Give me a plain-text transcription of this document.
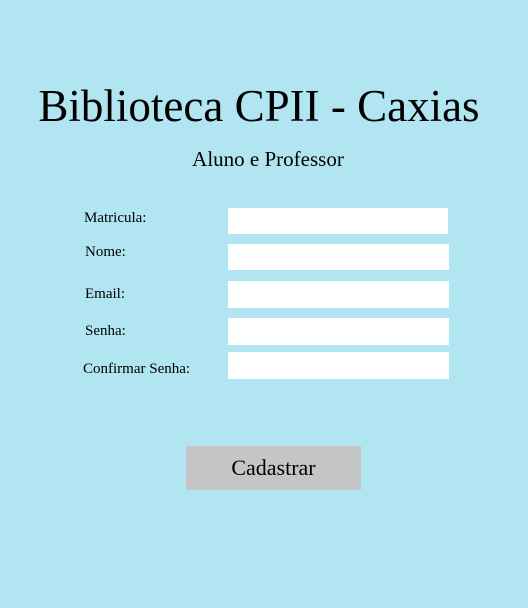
Biblioteca CPII - Caxias
Aluno e Professor
Matricula:
Nome:
Email:
Senha:
Confirmar Senha:
Cadastrar
